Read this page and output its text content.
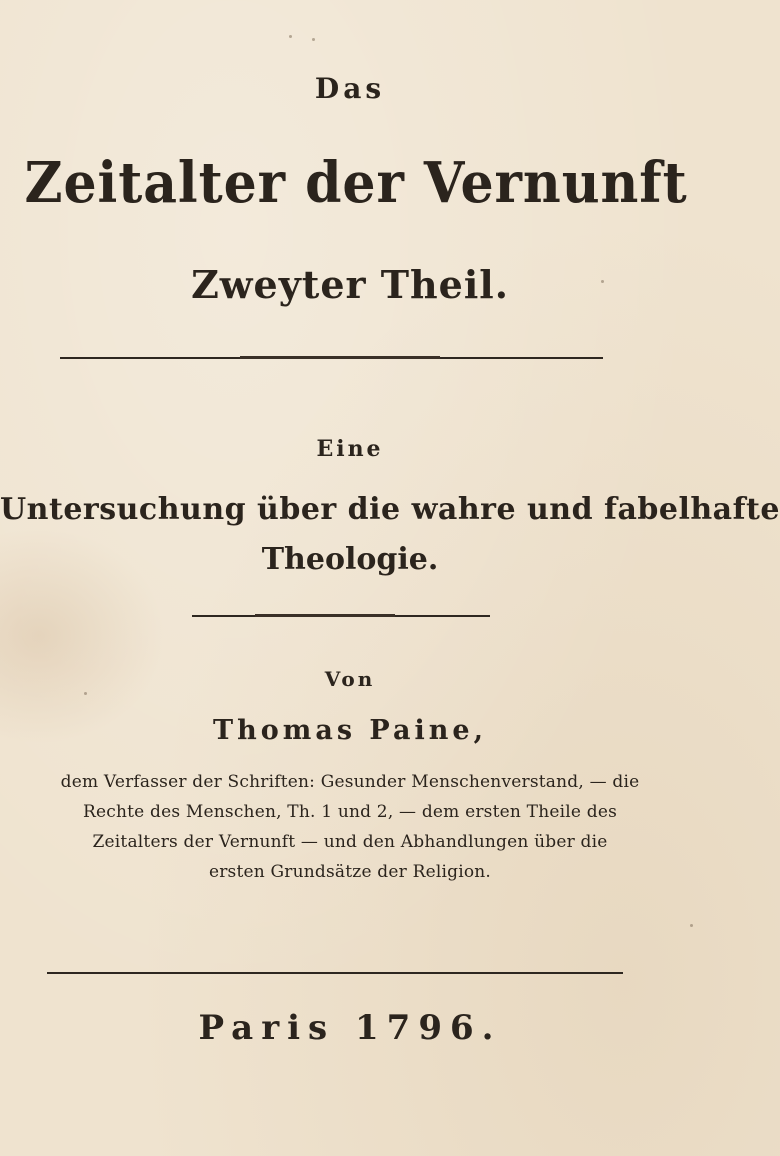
Das
Zeitalter der Vernunft
Zweyter Theil.
Eine
Untersuchung über die wahre und fabelhafte
Theologie.
Von
Thomas Paine,
dem Verfasser der Schriften: Gesunder Menschenverstand, — die
Rechte des Menschen, Th. 1 und 2, — dem ersten Theile des
Zeitalters der Vernunft — und den Abhandlungen über die
ersten Grundsätze der Religion.
Paris 1796.
